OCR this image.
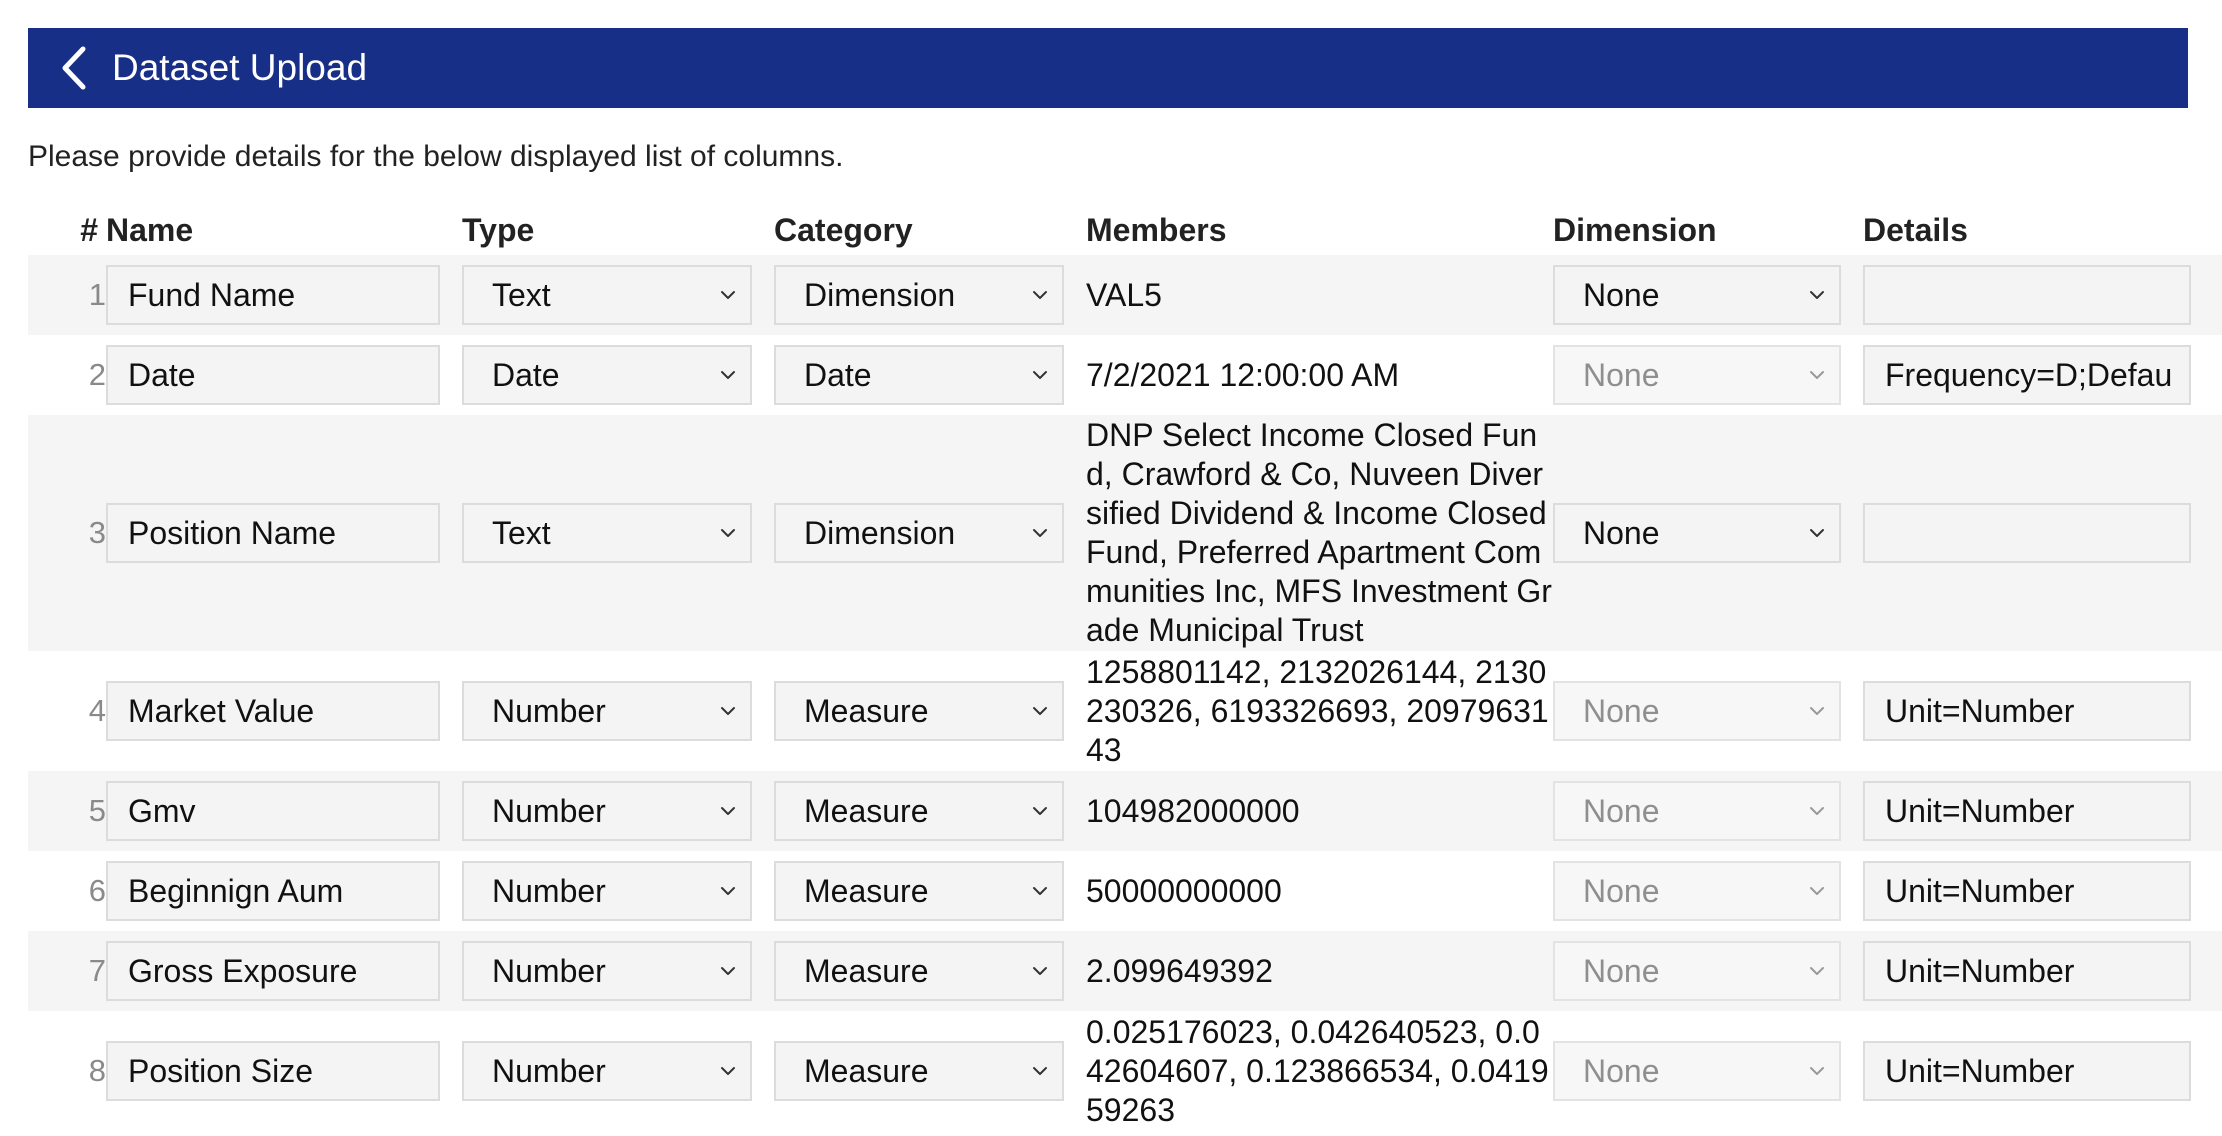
Dataset Upload
Please provide details for the below displayed list of columns.
#	Name	Type	Category	Members	Dimension	Details
1	Fund Name	Text	Dimension	VAL5	None	

2	Date	Date	Date	7/2/2021 12:00:00 AM	None	Frequency=D;Defau

3	Position Name	Text	Dimension	DNP Select Income Closed Fund, Crawford & Co, Nuveen Diversified Dividend & Income Closed Fund, Preferred Apartment Communities Inc, MFS Investment Grade Municipal Trust	None	

4	Market Value	Number	Measure	1258801142, 2132026144, 2130230326, 6193326693, 2097963143	None	Unit=Number

5	Gmv	Number	Measure	104982000000	None	Unit=Number

6	Beginnign Aum	Number	Measure	50000000000	None	Unit=Number

7	Gross Exposure	Number	Measure	2.099649392	None	Unit=Number

8	Position Size	Number	Measure	0.025176023, 0.042640523, 0.042604607, 0.123866534, 0.041959263	None	Unit=Number
